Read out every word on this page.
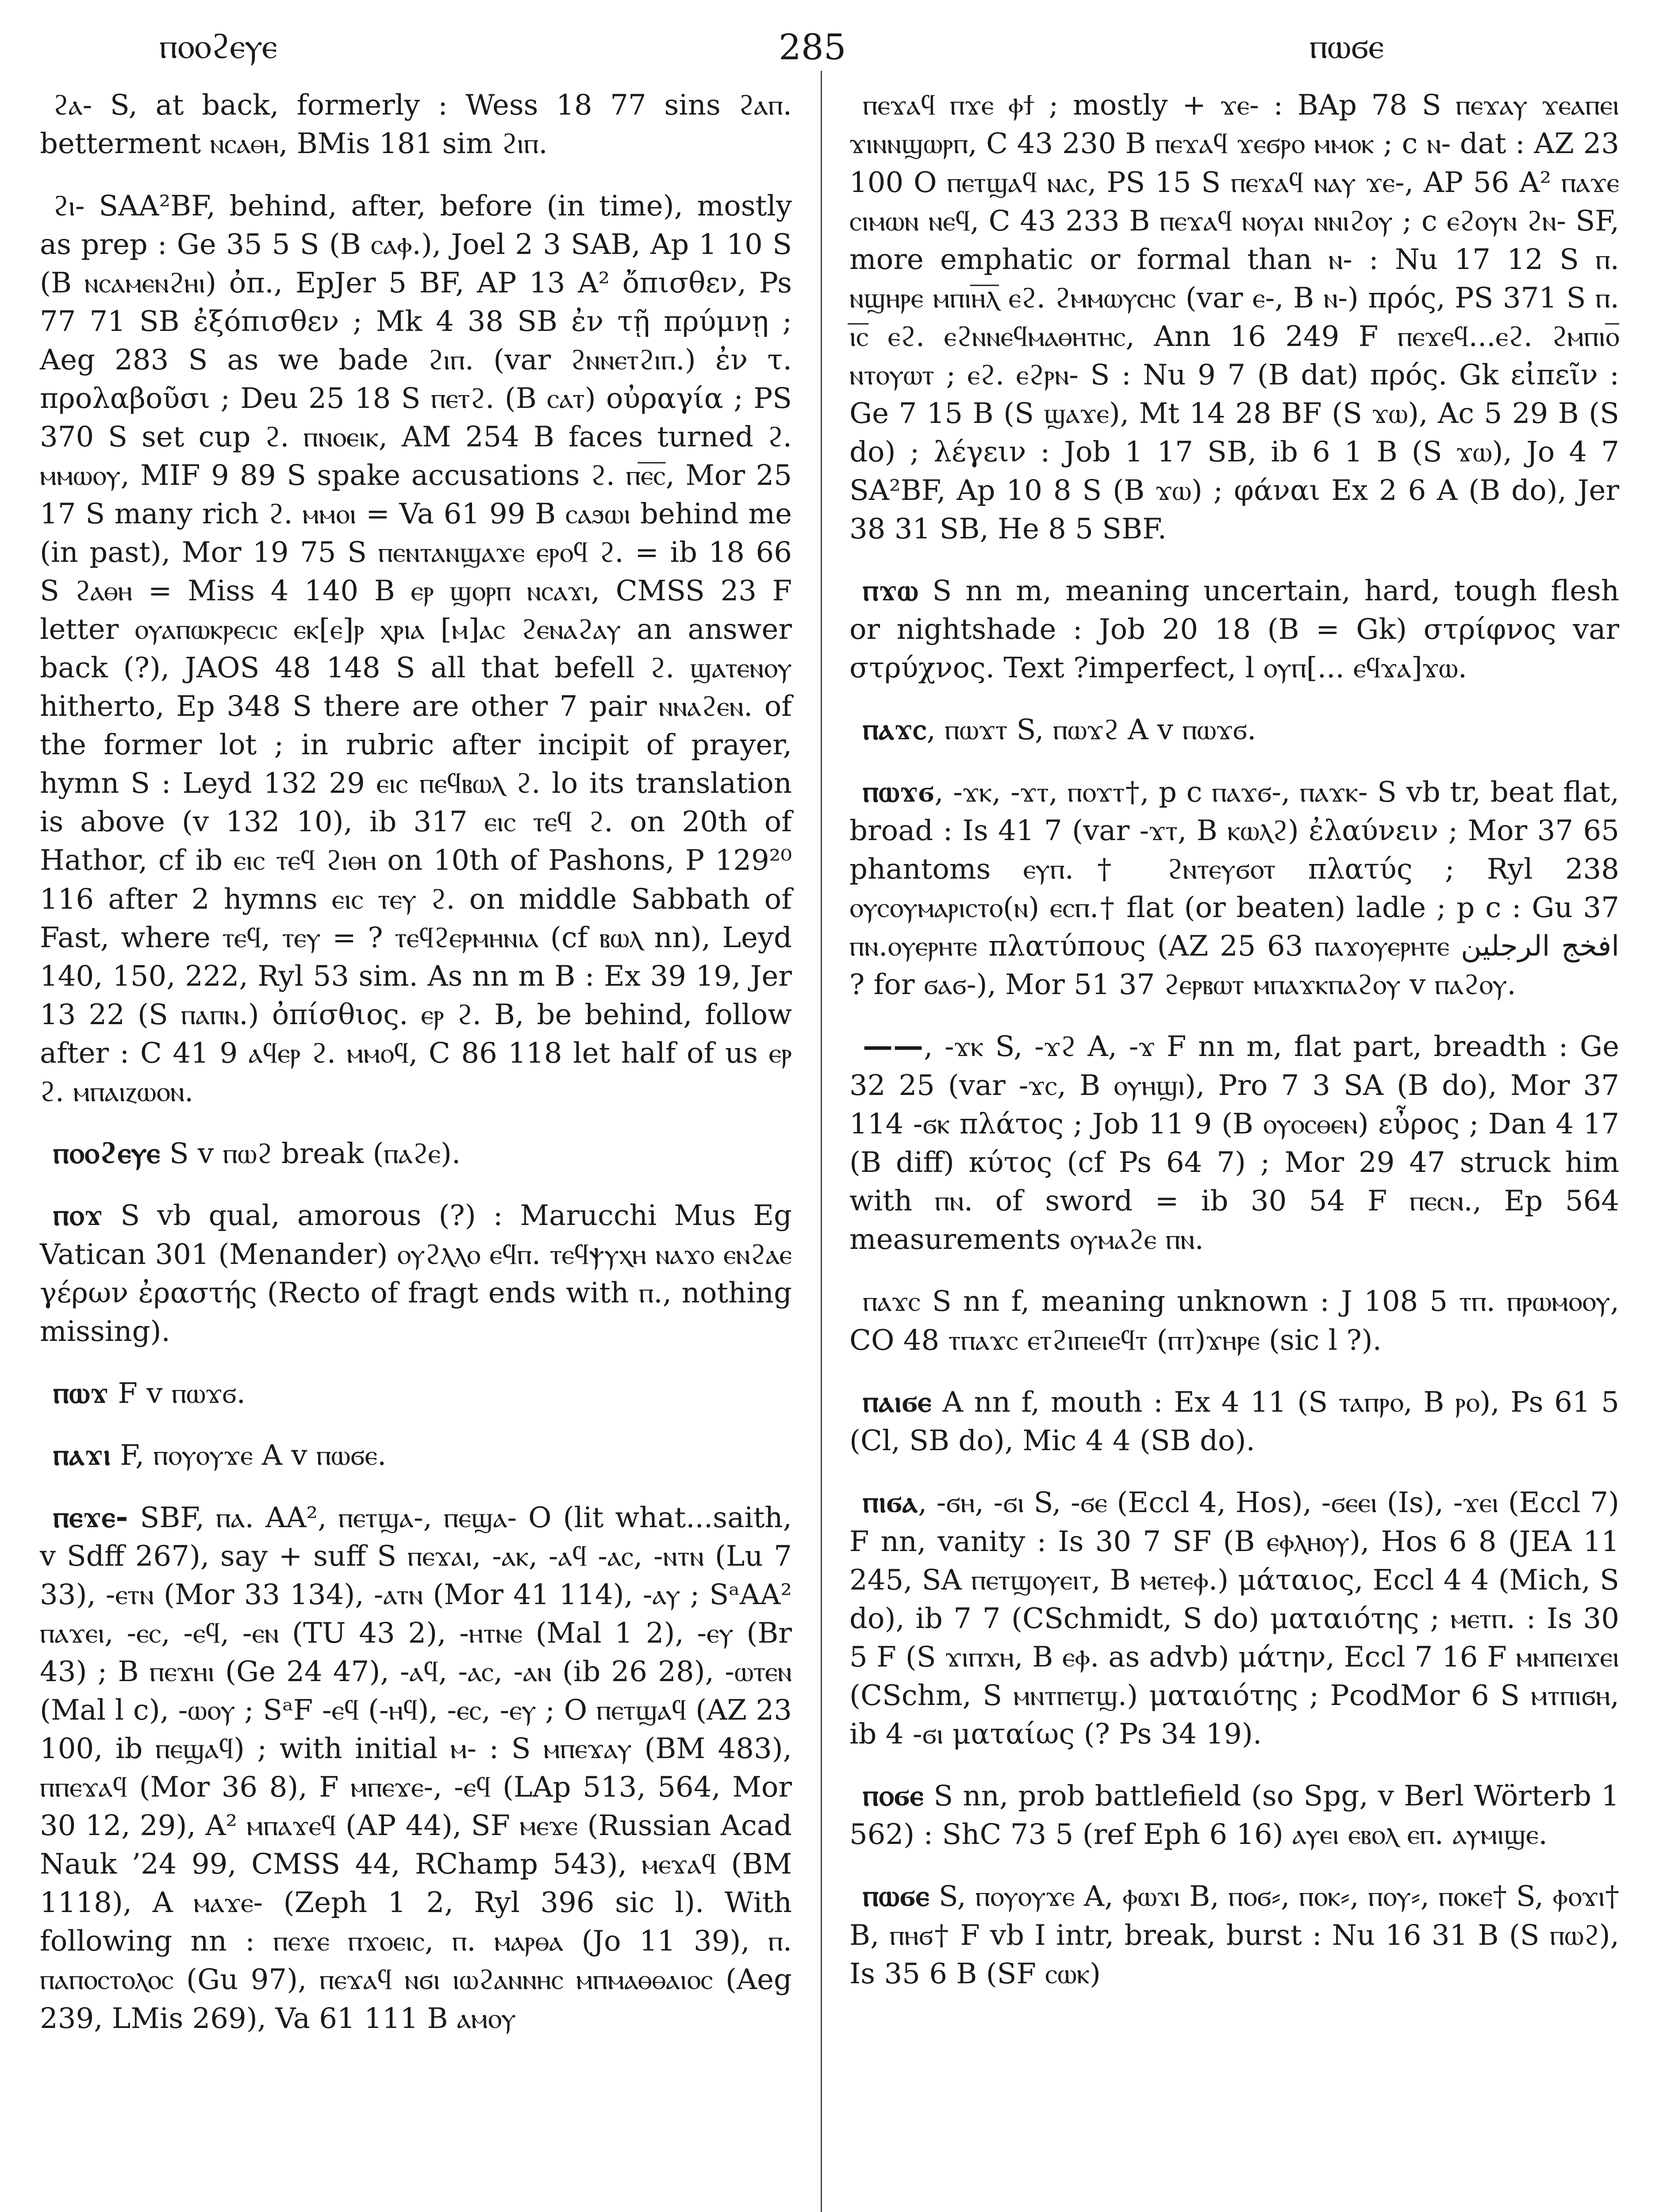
ⲡⲟⲟϩⲉⲩⲉ	285	ⲡⲱϭⲉ

ϩⲁ- S, at back, formerly : Wess 18 77 sins ϩⲁⲡ. betterment ⲛⲥⲁⲑⲏ, BMis 181 sim ϩⲓⲡ.

ϩⲓ- SAA²BF, behind, after, before (in time), mostly as prep : Ge 35 5 S (B ⲥⲁⲫ.), Joel 2 3 SAB, Ap 1 10 S (B ⲛⲥⲁⲙⲉⲛϩⲏⲓ) ὀπ., EpJer 5 BF, AP 13 A² ὄπισθεν, Ps 77 71 SB ἐξόπισθεν ; Mk 4 38 SB ἐν τῇ πρύμνῃ ; Aeg 283 S as we bade ϩⲓⲡ. (var ϩⲛⲛⲉⲧϩⲓⲡ.) ἐν τ. προλαβοῦσι ; Deu 25 18 S ⲡⲉⲧϩ. (B ⲥⲁⲧ) οὐραγία ; PS 370 S set cup ϩ. ⲡⲛⲟⲉⲓⲕ, AM 254 B faces turned ϩ. ⲙⲙⲱⲟⲩ, MIF 9 89 S spake accusations ϩ. ⲡⲉ̅ⲥ̅, Mor 25 17 S many rich ϩ. ⲙⲙⲟⲓ = Va 61 99 B ⲥⲁϧⲱⲓ behind me (in past), Mor 19 75 S ⲡⲉⲛⲧⲁⲛϣⲁϫⲉ ⲉⲣⲟϥ ϩ. = ib 18 66 S ϩⲁⲑⲏ = Miss 4 140 B ⲉⲣ ϣⲟⲣⲡ ⲛⲥⲁϫⲓ, CMSS 23 F letter ⲟⲩⲁⲡⲱⲕⲣⲉⲥⲓⲥ ⲉⲕ[ⲉ]ⲣ ⲭⲣⲓⲁ [ⲙ]ⲁⲥ ϩⲉⲛⲁϩⲁⲩ an answer back (?), JAOS 48 148 S all that befell ϩ. ϣⲁⲧⲉⲛⲟⲩ hitherto, Ep 348 S there are other 7 pair ⲛⲛⲁϩⲉⲛ. of the former lot ; in rubric after incipit of prayer, hymn S : Leyd 132 29 ⲉⲓⲥ ⲡⲉϥⲃⲱⲗ ϩ. lo its translation is above (v 132 10), ib 317 ⲉⲓⲥ ⲧⲉϥ ϩ. on 20th of Hathor, cf ib ⲉⲓⲥ ⲧⲉϥ ϩⲓⲑⲏ on 10th of Pashons, P 129²⁰ 116 after 2 hymns ⲉⲓⲥ ⲧⲉⲩ ϩ. on middle Sabbath of Fast, where ⲧⲉϥ, ⲧⲉⲩ = ? ⲧⲉϥϩⲉⲣⲙⲏⲛⲓⲁ (cf ⲃⲱⲗ nn), Leyd 140, 150, 222, Ryl 53 sim. As nn m B : Ex 39 19, Jer 13 22 (S ⲡⲁⲡⲛ.) ὀπίσθιος. ⲉⲣ ϩ. B, be behind, follow after : C 41 9 ⲁϥⲉⲣ ϩ. ⲙⲙⲟϥ, C 86 118 let half of us ⲉⲣ ϩ. ⲙⲡⲁⲓⲍⲱⲟⲛ.

ⲡⲟⲟϩⲉⲩⲉ S v ⲡⲱϩ break (ⲡⲁϩⲉ).

ⲡⲟϫ S vb qual, amorous (?) : Marucchi Mus Eg Vatican 301 (Menander) ⲟⲩϩⲗⲗⲟ ⲉϥⲡ. ⲧⲉϥⲯⲩⲭⲏ ⲛⲁϫⲟ ⲉⲛϩⲁⲉ γέρων ἐραστής (Recto of fragt ends with ⲡ., nothing missing).

ⲡⲱϫ F v ⲡⲱϫϭ.

ⲡⲁϫⲓ F, ⲡⲟⲩⲟⲩϫⲉ A v ⲡⲱϭⲉ.

ⲡⲉϫⲉ- SBF, ⲡⲁ. AA², ⲡⲉⲧϣⲁ-, ⲡⲉϣⲁ- O (lit what...saith, v Sdff 267), say + suff S ⲡⲉϫⲁⲓ, -ⲁⲕ, -ⲁϥ -ⲁⲥ, -ⲛⲧⲛ (Lu 7 33), -ⲉⲧⲛ (Mor 33 134), -ⲁⲧⲛ (Mor 41 114), -ⲁⲩ ; SᵃAA² ⲡⲁϫⲉⲓ, -ⲉⲥ, -ⲉϥ, -ⲉⲛ (TU 43 2), -ⲏⲧⲛⲉ (Mal 1 2), -ⲉⲩ (Br 43) ; B ⲡⲉϫⲏⲓ (Ge 24 47), -ⲁϥ, -ⲁⲥ, -ⲁⲛ (ib 26 28), -ⲱⲧⲉⲛ (Mal l c), -ⲱⲟⲩ ; SᵃF -ⲉϥ (-ⲏϥ), -ⲉⲥ, -ⲉⲩ ; O ⲡⲉⲧϣⲁϥ (AZ 23 100, ib ⲡⲉϣⲁϥ) ; with initial ⲙ- : S ⲙⲡⲉϫⲁⲩ (BM 483), ⲡⲡⲉϫⲁϥ (Mor 36 8), F ⲙⲡⲉϫⲉ-, -ⲉϥ (LAp 513, 564, Mor 30 12, 29), A² ⲙⲡⲁϫⲉϥ (AP 44), SF ⲙⲉϫⲉ (Russian Acad Nauk ’24 99, CMSS 44, RChamp 543), ⲙⲉϫⲁϥ (BM 1118), A ⲙⲁϫⲉ- (Zeph 1 2, Ryl 396 sic l). With following nn : ⲡⲉϫⲉ ⲡϫⲟⲉⲓⲥ, ⲡ. ⲙⲁⲣⲑⲁ (Jo 11 39), ⲡ. ⲡⲁⲡⲟⲥⲧⲟⲗⲟⲥ (Gu 97), ⲡⲉϫⲁϥ ⲛϭⲓ ⲓⲱϩⲁⲛⲛⲏⲥ ⲙⲡⲙⲁⲑⲑⲁⲓⲟⲥ (Aeg 239, LMis 269), Va 61 111 B ⲁⲙⲟⲩ

ⲡⲉϫⲁϥ ⲡϫⲉ ⲫϯ ; mostly + ϫⲉ- : BAp 78 S ⲡⲉϫⲁⲩ ϫⲉⲁⲡⲉⲓ ϫⲓⲛⲛϣⲱⲣⲡ, C 43 230 B ⲡⲉϫⲁϥ ϫⲉϭⲣⲟ ⲙⲙⲟⲕ ; c ⲛ- dat : AZ 23 100 O ⲡⲉⲧϣⲁϥ ⲛⲁⲥ, PS 15 S ⲡⲉϫⲁϥ ⲛⲁⲩ ϫⲉ-, AP 56 A² ⲡⲁϫⲉ ⲥⲓⲙⲱⲛ ⲛⲉϥ, C 43 233 B ⲡⲉϫⲁϥ ⲛⲟⲩⲁⲓ ⲛⲛⲓϩⲟⲩ ; c ⲉϩⲟⲩⲛ ϩⲛ- SF, more emphatic or formal than ⲛ- : Nu 17 12 S ⲡ. ⲛϣⲏⲣⲉ ⲙⲡⲓⲏ̅ⲗ̅ ⲉϩ. ϩⲙⲙⲱⲩⲥⲏⲥ (var ⲉ-, B ⲛ-) πρός, PS 371 S ⲡ. ⲓ̅ⲥ̅ ⲉϩ. ⲉϩⲛⲛⲉϥⲙⲁⲑⲏⲧⲏⲥ, Ann 16 249 F ⲡⲉϫⲉϥ...ⲉϩ. ϩⲙⲡⲓⲟ̅ ⲛⲧⲟⲩⲱⲧ ; ⲉϩ. ⲉϩⲣⲛ- S : Nu 9 7 (B dat) πρός. Gk εἰπεῖν : Ge 7 15 B (S ϣⲁϫⲉ), Mt 14 28 BF (S ϫⲱ), Ac 5 29 B (S do) ; λέγειν : Job 1 17 SB, ib 6 1 B (S ϫⲱ), Jo 4 7 SA²BF, Ap 10 8 S (B ϫⲱ) ; φάναι Ex 2 6 A (B do), Jer 38 31 SB, He 8 5 SBF.

ⲡϫⲱ S nn m, meaning uncertain, hard, tough flesh or nightshade : Job 20 18 (B = Gk) στρίφνος var στρύχνος. Text ?imperfect, l ⲟⲩⲡ[... ⲉϥϫⲁ]ϫⲱ.

ⲡⲁϫⲥ, ⲡⲱϫⲧ S, ⲡⲱϫϩ A v ⲡⲱϫϭ.

ⲡⲱϫϭ, -ϫⲕ, -ϫⲧ, ⲡⲟϫⲧ†, p c ⲡⲁϫϭ-, ⲡⲁϫⲕ- S vb tr, beat flat, broad : Is 41 7 (var -ϫⲧ, B ⲕⲱⲗϩ) ἐλαύνειν ; Mor 37 65 phantoms ⲉⲩⲡ.† ϩⲛⲧⲉⲩϭⲟⲧ πλατύς ; Ryl 238 ⲟⲩⲥⲟⲩⲙⲁⲣⲓⲥⲧⲟ(ⲛ) ⲉⲥⲡ.† flat (or beaten) ladle ; p c : Gu 37 ⲡⲛ.ⲟⲩⲉⲣⲏⲧⲉ πλατύπους (AZ 25 63 ⲡⲁϫⲟⲩⲉⲣⲏⲧⲉ افخج الرجلين ? for ϭⲁϭ-), Mor 51 37 ϩⲉⲣⲃⲱⲧ ⲙⲡⲁϫⲕⲡⲁϩⲟⲩ v ⲡⲁϩⲟⲩ.

——, -ϫⲕ S, -ϫϩ A, -ϫ F nn m, flat part, breadth : Ge 32 25 (var -ϫⲥ, B ⲟⲩⲏϣⲓ), Pro 7 3 SA (B do), Mor 37 114 -ϭⲕ πλάτος ; Job 11 9 (B ⲟⲩⲟⲥⲑⲉⲛ) εὖρος ; Dan 4 17 (B diff) κύτος (cf Ps 64 7) ; Mor 29 47 struck him with ⲡⲛ. of sword = ib 30 54 F ⲡⲉⲥⲛ., Ep 564 measurements ⲟⲩⲙⲁϩⲉ ⲡⲛ.

ⲡⲁϫⲥ S nn f, meaning unknown : J 108 5 ⲧⲡ. ⲡⲣⲱⲙⲟⲟⲩ, CO 48 ⲧⲡⲁϫⲥ ⲉⲧϩⲓⲡⲉⲓⲉϥⲧ (ⲡⲧ)ϫⲏⲣⲉ (sic l ?).

ⲡⲁⲓϭⲉ A nn f, mouth : Ex 4 11 (S ⲧⲁⲡⲣⲟ, B ⲣⲟ), Ps 61 5 (Cl, SB do), Mic 4 4 (SB do).

ⲡⲓϭⲁ, -ϭⲏ, -ϭⲓ S, -ϭⲉ (Eccl 4, Hos), -ϭⲉⲉⲓ (Is), -ϫⲉⲓ (Eccl 7) F nn, vanity : Is 30 7 SF (B ⲉⲫⲗⲏⲟⲩ), Hos 6 8 (JEA 11 245, SA ⲡⲉⲧϣⲟⲩⲉⲓⲧ, B ⲙⲉⲧⲉⲫ.) μάταιος, Eccl 4 4 (Mich, S do), ib 7 7 (CSchmidt, S do) ματαιότης ; ⲙⲉⲧⲡ. : Is 30 5 F (S ϫⲓⲡϫⲏ, B ⲉⲫ. as advb) μάτην, Eccl 7 16 F ⲙⲙⲡⲉⲓϫⲉⲓ (CSchm, S ⲙⲛⲧⲡⲉⲧϣ.) ματαιότης ; PcodMor 6 S ⲙⲧⲡⲓϭⲏ, ib 4 -ϭⲓ ματαίως (? Ps 34 19).

ⲡⲟϭⲉ S nn, prob battlefield (so Spg, v Berl Wörterb 1 562) : ShC 73 5 (ref Eph 6 16) ⲁⲩⲉⲓ ⲉⲃⲟⲗ ⲉⲡ. ⲁⲩⲙⲓϣⲉ.

ⲡⲱϭⲉ S, ⲡⲟⲩⲟⲩϫⲉ A, ⲫⲱϫⲓ B, ⲡⲟϭ⸗, ⲡⲟⲕ⸗, ⲡⲟⲩ⸗, ⲡⲟⲕⲉ† S, ⲫⲟϫⲓ† B, ⲡⲏϭ† F vb I intr, break, burst : Nu 16 31 B (S ⲡⲱϩ), Is 35 6 B (SF ⲥⲱⲕ)
